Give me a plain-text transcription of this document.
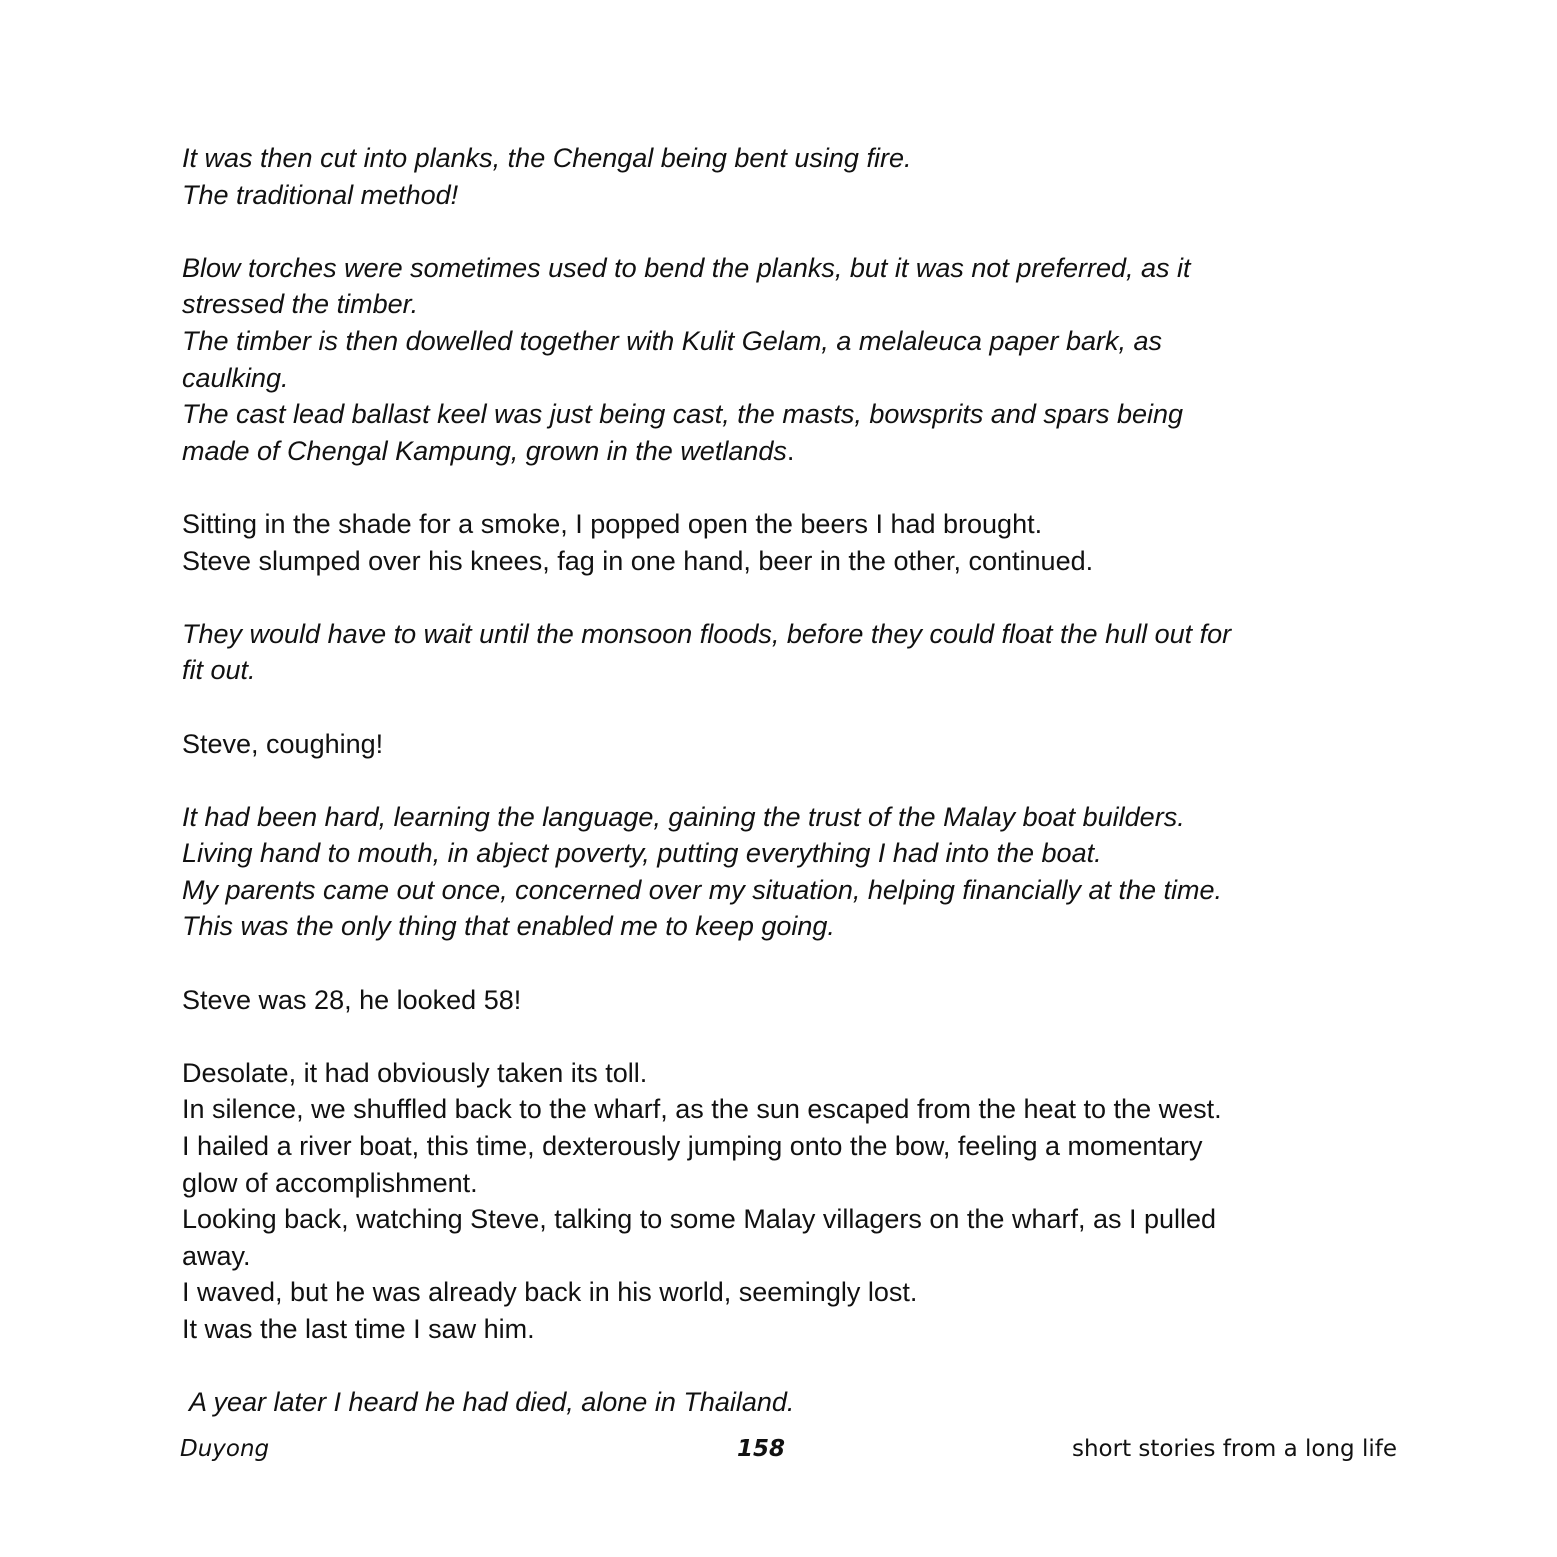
It was then cut into planks, the Chengal being bent using fire.
The traditional method!
Blow torches were sometimes used to bend the planks, but it was not preferred, as it
stressed the timber.
The timber is then dowelled together with Kulit Gelam, a melaleuca paper bark, as
caulking.
The cast lead ballast keel was just being cast, the masts, bowsprits and spars being
made of Chengal Kampung, grown in the wetlands.
Sitting in the shade for a smoke, I popped open the beers I had brought.
Steve slumped over his knees, fag in one hand, beer in the other, continued.
They would have to wait until the monsoon floods, before they could float the hull out for
fit out.
Steve, coughing!
It had been hard, learning the language, gaining the trust of the Malay boat builders.
Living hand to mouth, in abject poverty, putting everything I had into the boat.
My parents came out once, concerned over my situation, helping financially at the time.
This was the only thing that enabled me to keep going.
Steve was 28, he looked 58!
Desolate, it had obviously taken its toll.
In silence, we shuffled back to the wharf, as the sun escaped from the heat to the west.
I hailed a river boat, this time, dexterously jumping onto the bow, feeling a momentary
glow of accomplishment.
Looking back, watching Steve, talking to some Malay villagers on the wharf, as I pulled
away.
I waved, but he was already back in his world, seemingly lost.
It was the last time I saw him.
A year later I heard he had died, alone in Thailand.
Duyong	158	short stories from a long life
